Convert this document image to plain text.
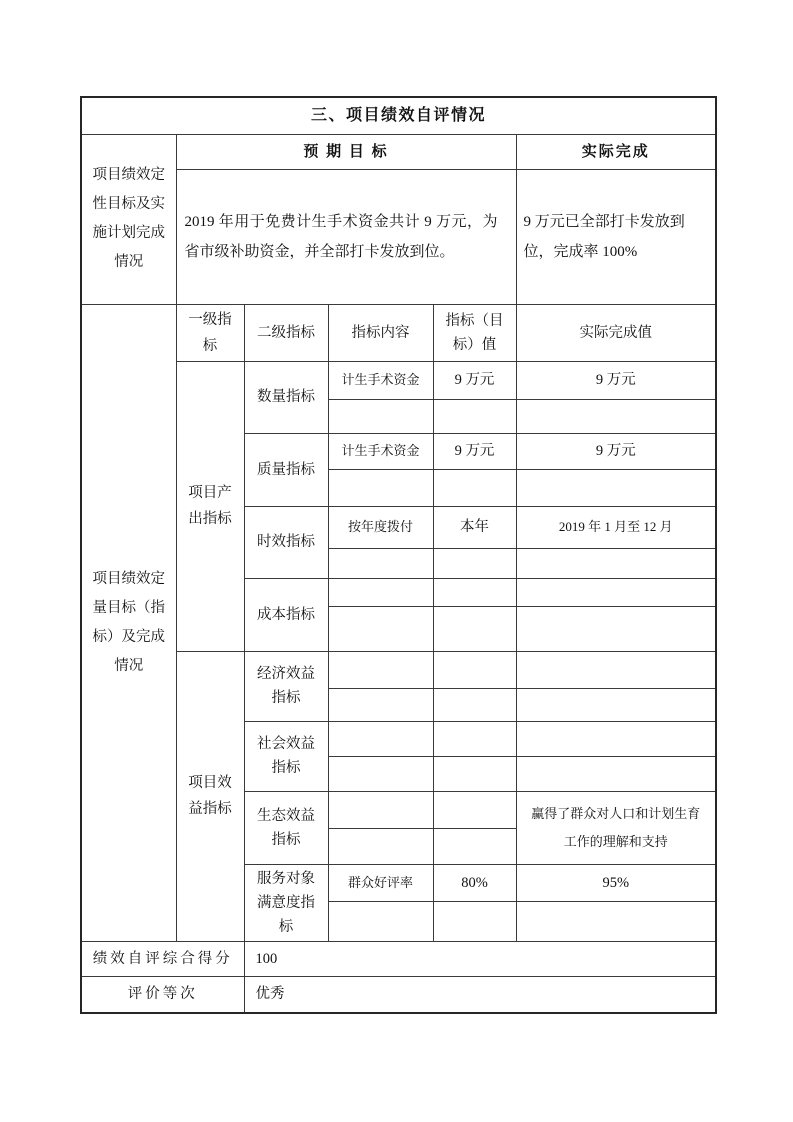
三、项目绩效自评情况					
项目绩效定性目标及实施计划完成情况	预 期 目 标				实际完成
	2019 年用于免费计生手术资金共计 9 万元，为省市级补助资金，并全部打卡发放到位。				9 万元已全部打卡发放到位，完成率 100%
项目绩效定量目标（指标）及完成情况	一级指标	二级指标	指标内容	指标（目标）值	实际完成值
	项目产出指标	数量指标	计生手术资金	9 万元	9 万元

		质量指标	计生手术资金	9 万元	9 万元

		时效指标	按年度拨付	本年	2019 年 1 月至 12 月

		成本指标			

	项目效益指标	经济效益指标			

		社会效益指标			

		生态效益指标			赢得了群众对人口和计划生育工作的理解和支持

		服务对象满意度指标	群众好评率	80%	95%

绩效自评综合得分		100			
评价等次		优秀			
